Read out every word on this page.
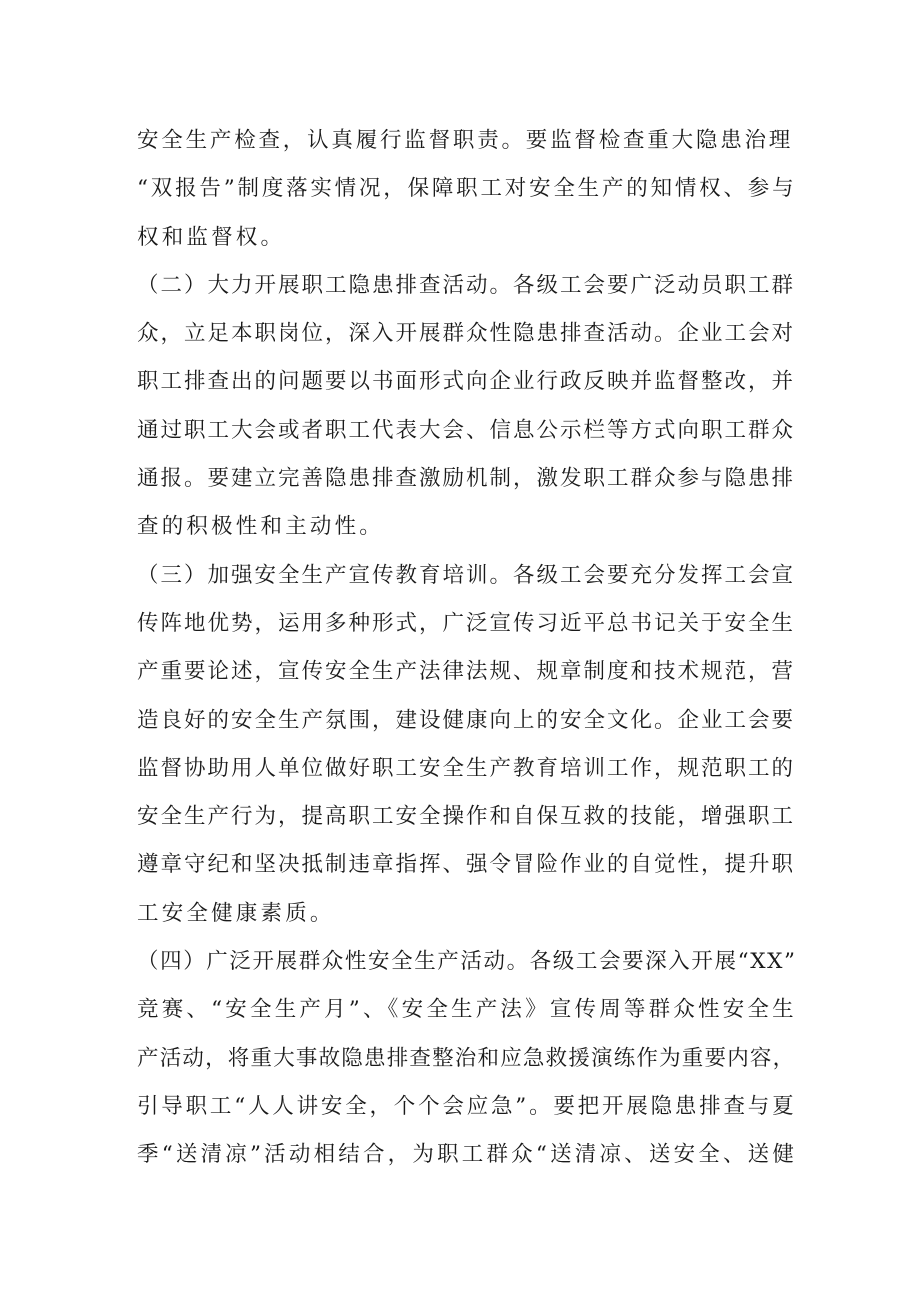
安全生产检查，认真履行监督职责。要监督检查重大隐患治理
“双报告”制度落实情况，保障职工对安全生产的知情权、参与
权和监督权。
（二）大力开展职工隐患排查活动。各级工会要广泛动员职工群
众，立足本职岗位，深入开展群众性隐患排查活动。企业工会对
职工排查出的问题要以书面形式向企业行政反映并监督整改，并
通过职工大会或者职工代表大会、信息公示栏等方式向职工群众
通报。要建立完善隐患排查激励机制，激发职工群众参与隐患排
查的积极性和主动性。
（三）加强安全生产宣传教育培训。各级工会要充分发挥工会宣
传阵地优势，运用多种形式，广泛宣传习近平总书记关于安全生
产重要论述，宣传安全生产法律法规、规章制度和技术规范，营
造良好的安全生产氛围，建设健康向上的安全文化。企业工会要
监督协助用人单位做好职工安全生产教育培训工作，规范职工的
安全生产行为，提高职工安全操作和自保互救的技能，增强职工
遵章守纪和坚决抵制违章指挥、强令冒险作业的自觉性，提升职
工安全健康素质。
（四）广泛开展群众性安全生产活动。各级工会要深入开展“XX”
竞赛、“安全生产月”、《安全生产法》宣传周等群众性安全生
产活动，将重大事故隐患排查整治和应急救援演练作为重要内容，
引导职工“人人讲安全，个个会应急”。要把开展隐患排查与夏
季“送清凉”活动相结合，为职工群众“送清凉、送安全、送健
